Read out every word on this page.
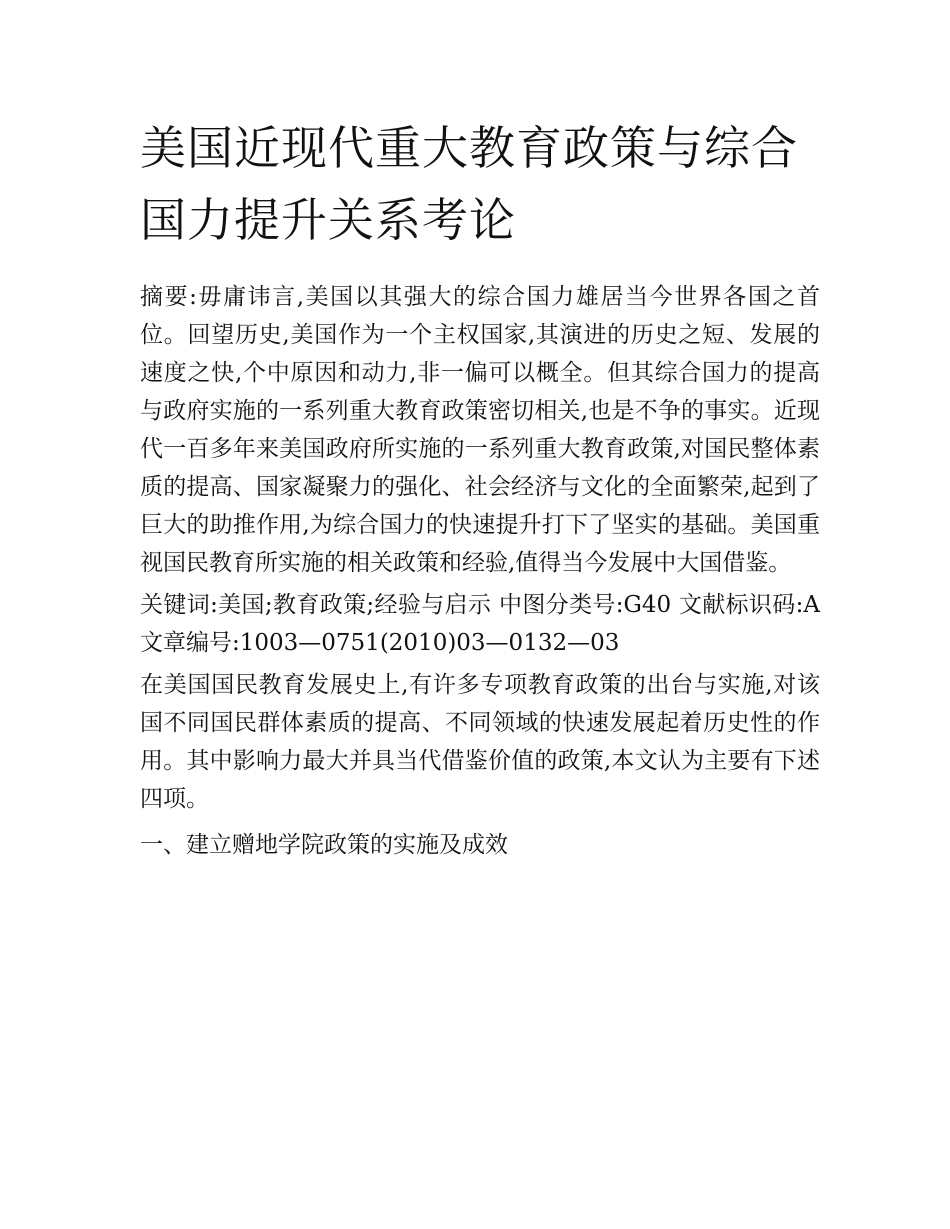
美国近现代重大教育政策与综合国力提升关系考论

摘要:毋庸讳言,美国以其强大的综合国力雄居当今世界各国之首位。回望历史,美国作为一个主权国家,其演进的历史之短、发展的速度之快,个中原因和动力,非一偏可以概全。但其综合国力的提高与政府实施的一系列重大教育政策密切相关,也是不争的事实。近现代一百多年来美国政府所实施的一系列重大教育政策,对国民整体素质的提高、国家凝聚力的强化、社会经济与文化的全面繁荣,起到了巨大的助推作用,为综合国力的快速提升打下了坚实的基础。美国重视国民教育所实施的相关政策和经验,值得当今发展中大国借鉴。

关键词:美国;教育政策;经验与启示 中图分类号:G40 文献标识码:A 文章编号:1003—0751(2010)03—0132—03

在美国国民教育发展史上,有许多专项教育政策的出台与实施,对该国不同国民群体素质的提高、不同领域的快速发展起着历史性的作用。其中影响力最大并具当代借鉴价值的政策,本文认为主要有下述四项。

一、建立赠地学院政策的实施及成效
